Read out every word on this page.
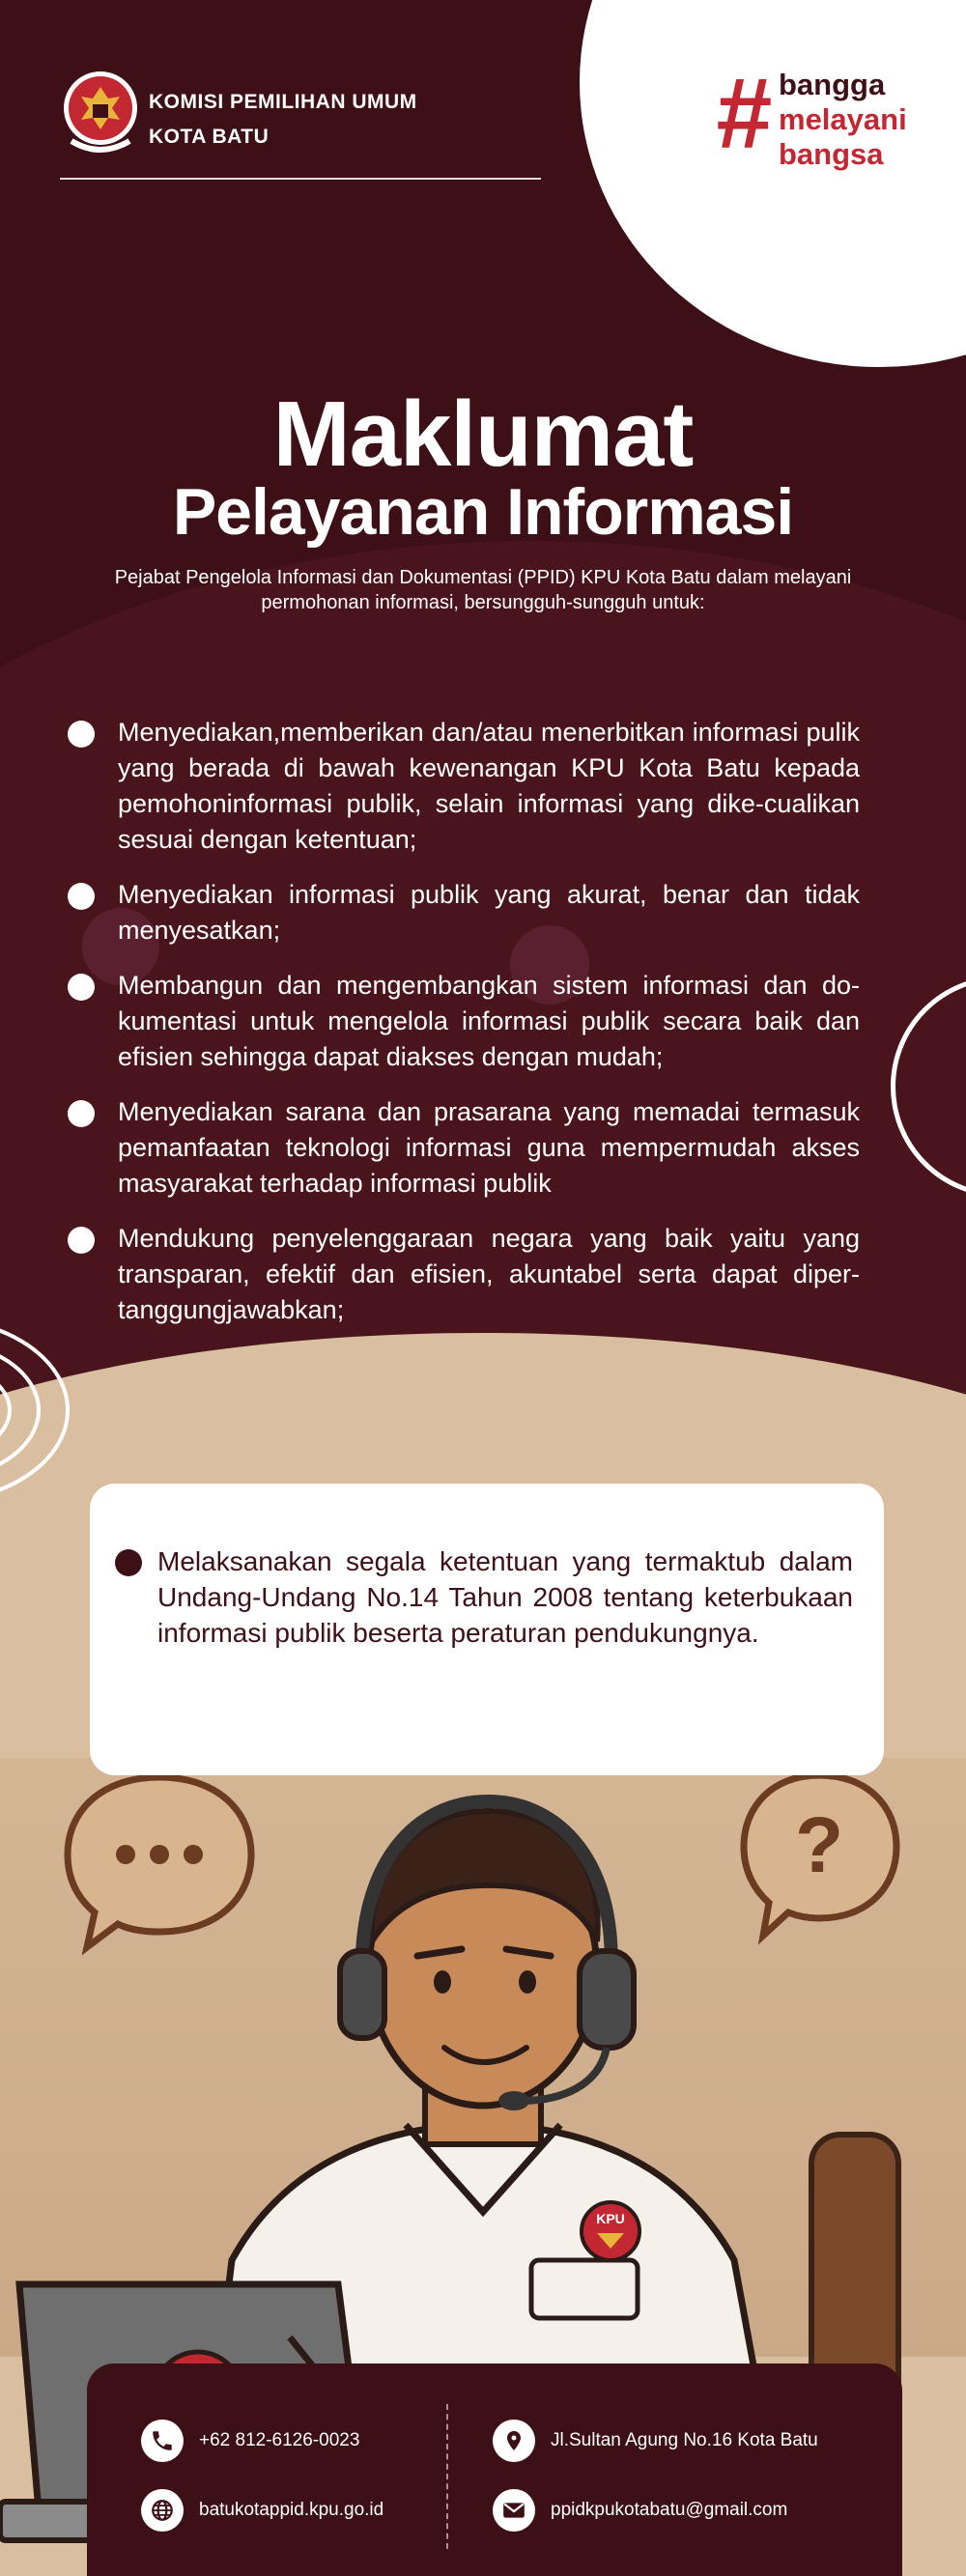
KOMISI PEMILIHAN UMUM
KOTA BATU	# bangga
melayani
bangsa
Maklumat
Pelayanan Informasi
Pejabat Pengelola Informasi dan Dokumentasi (PPID) KPU Kota Batu dalam melayani permohonan informasi, bersungguh-sungguh untuk:
Menyediakan,memberikan dan/atau menerbitkan informasi pulik yang berada di bawah kewenangan KPU Kota Batu kepada pemohoninformasi publik, selain informasi yang dike-cualikan sesuai dengan ketentuan;
Menyediakan informasi publik yang akurat, benar dan tidak menyesatkan;
Membangun dan mengembangkan sistem informasi dan do-kumentasi untuk mengelola informasi publik secara baik dan efisien sehingga dapat diakses dengan mudah;
Menyediakan sarana dan prasarana yang memadai termasuk pemanfaatan teknologi informasi guna mempermudah akses masyarakat terhadap informasi publik
Mendukung penyelenggaraan negara yang baik yaitu yang transparan, efektif dan efisien, akuntabel serta dapat diper-tanggungjawabkan;
?
KPU
Melaksanakan segala ketentuan yang termaktub dalam Undang-Undang No.14 Tahun 2008 tentang keterbukaan informasi publik beserta peraturan pendukungnya.
+62 812-6126-0023	Jl.Sultan Agung No.16 Kota Batu
batukotappid.kpu.go.id	ppidkpukotabatu@gmail.com
